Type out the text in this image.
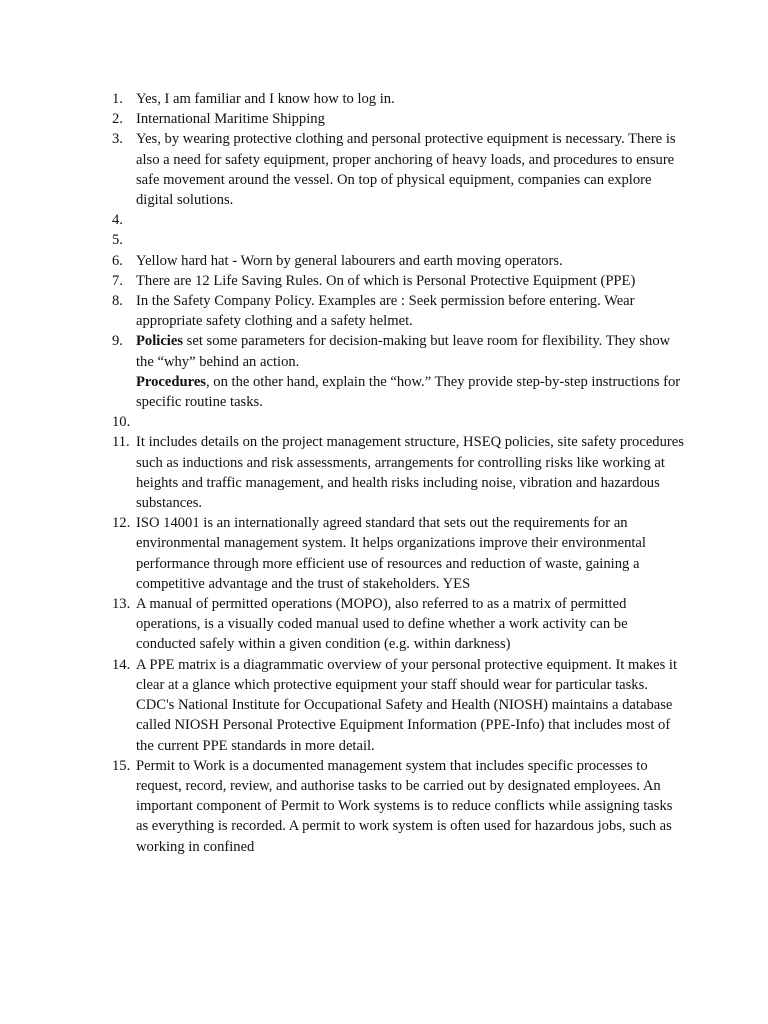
1. Yes, I am familiar and I know how to log in.
2. International Maritime Shipping
3. Yes, by wearing protective clothing and personal protective equipment is necessary. There is also a need for safety equipment, proper anchoring of heavy loads, and procedures to ensure safe movement around the vessel. On top of physical equipment, companies can explore digital solutions.
4.

5.

6. Yellow hard hat - Worn by general labourers and earth moving operators.
7. There are 12 Life Saving Rules. On of which is Personal Protective Equipment (PPE)
8. In the Safety Company Policy. Examples are : Seek permission before entering. Wear appropriate safety clothing and a safety helmet.
9. Policies set some parameters for decision-making but leave room for flexibility. They show the “why” behind an action.
Procedures, on the other hand, explain the “how.” They provide step-by-step instructions for specific routine tasks.
10.

11. It includes details on the project management structure, HSEQ policies, site safety procedures such as inductions and risk assessments, arrangements for controlling risks like working at heights and traffic management, and health risks including noise, vibration and hazardous substances.
12. ISO 14001 is an internationally agreed standard that sets out the requirements for an environmental management system. It helps organizations improve their environmental performance through more efficient use of resources and reduction of waste, gaining a competitive advantage and the trust of stakeholders. YES
13. A manual of permitted operations (MOPO), also referred to as a matrix of permitted operations, is a visually coded manual used to define whether a work activity can be conducted safely within a given condition (e.g. within darkness)
14. A PPE matrix is a diagrammatic overview of your personal protective equipment. It makes it clear at a glance which protective equipment your staff should wear for particular tasks. CDC's National Institute for Occupational Safety and Health (NIOSH) maintains a database called NIOSH Personal Protective Equipment Information (PPE-Info) that includes most of the current PPE standards in more detail.
15. Permit to Work is a documented management system that includes specific processes to request, record, review, and authorise tasks to be carried out by designated employees. An important component of Permit to Work systems is to reduce conflicts while assigning tasks as everything is recorded. A permit to work system is often used for hazardous jobs, such as working in confined
